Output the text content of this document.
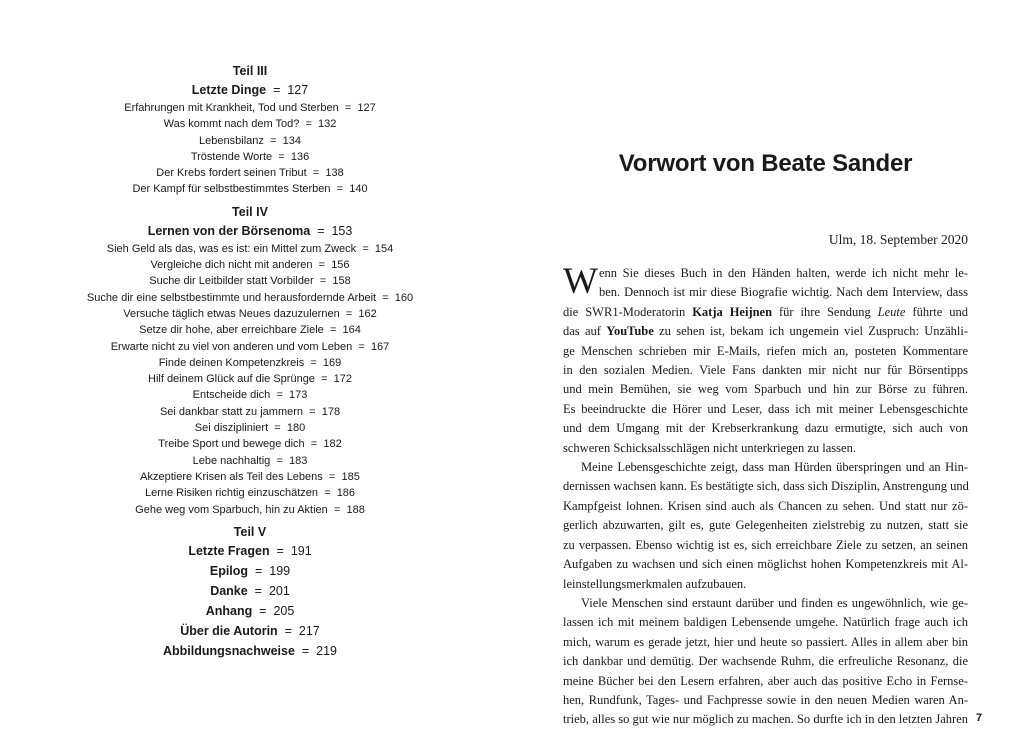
Teil III
Letzte Dinge = 127
Erfahrungen mit Krankheit, Tod und Sterben = 127
Was kommt nach dem Tod? = 132
Lebensbilanz = 134
Tröstende Worte = 136
Der Krebs fordert seinen Tribut = 138
Der Kampf für selbstbestimmtes Sterben = 140
Teil IV
Lernen von der Börsenoma = 153
Sieh Geld als das, was es ist: ein Mittel zum Zweck = 154
Vergleiche dich nicht mit anderen = 156
Suche dir Leitbilder statt Vorbilder = 158
Suche dir eine selbstbestimmte und herausfordernde Arbeit = 160
Versuche täglich etwas Neues dazuzulernen = 162
Setze dir hohe, aber erreichbare Ziele = 164
Erwarte nicht zu viel von anderen und vom Leben = 167
Finde deinen Kompetenzkreis = 169
Hilf deinem Glück auf die Sprünge = 172
Entscheide dich = 173
Sei dankbar statt zu jammern = 178
Sei diszipliniert = 180
Treibe Sport und bewege dich = 182
Lebe nachhaltig = 183
Akzeptiere Krisen als Teil des Lebens = 185
Lerne Risiken richtig einzuschätzen = 186
Gehe weg vom Sparbuch, hin zu Aktien = 188
Teil V
Letzte Fragen = 191
Epilog = 199
Danke = 201
Anhang = 205
Über die Autorin = 217
Abbildungsnachweise = 219
Vorwort von Beate Sander
Ulm, 18. September 2020
W enn Sie dieses Buch in den Händen halten, werde ich nicht mehr le-
ben. Dennoch ist mir diese Biografie wichtig. Nach dem Interview, dass
die SWR1-Moderatorin Katja Heijnen für ihre Sendung Leute führte und
das auf YouTube zu sehen ist, bekam ich ungemein viel Zuspruch: Unzähli-
ge Menschen schrieben mir E-Mails, riefen mich an, posteten Kommentare
in den sozialen Medien. Viele Fans dankten mir nicht nur für Börsentipps
und mein Bemühen, sie weg vom Sparbuch und hin zur Börse zu führen.
Es beeindruckte die Hörer und Leser, dass ich mit meiner Lebensgeschichte
und dem Umgang mit der Krebserkrankung dazu ermutigte, sich auch von
schweren Schicksalsschlägen nicht unterkriegen zu lassen.
Meine Lebensgeschichte zeigt, dass man Hürden überspringen und an Hin-
dernissen wachsen kann. Es bestätigte sich, dass sich Disziplin, Anstrengung und
Kampfgeist lohnen. Krisen sind auch als Chancen zu sehen. Und statt nur zö-
gerlich abzuwarten, gilt es, gute Gelegenheiten zielstrebig zu nutzen, statt sie
zu verpassen. Ebenso wichtig ist es, sich erreichbare Ziele zu setzen, an seinen
Aufgaben zu wachsen und sich einen möglichst hohen Kompetenzkreis mit Al-
leinstellungsmerkmalen aufzubauen.
Viele Menschen sind erstaunt darüber und finden es ungewöhnlich, wie ge-
lassen ich mit meinem baldigen Lebensende umgehe. Natürlich frage auch ich
mich, warum es gerade jetzt, hier und heute so passiert. Alles in allem aber bin
ich dankbar und demütig. Der wachsende Ruhm, die erfreuliche Resonanz, die
meine Bücher bei den Lesern erfahren, aber auch das positive Echo in Fernse-
hen, Rundfunk, Tages- und Fachpresse sowie in den neuen Medien waren An-
trieb, alles so gut wie nur möglich zu machen. So durfte ich in den letzten Jahren 7
